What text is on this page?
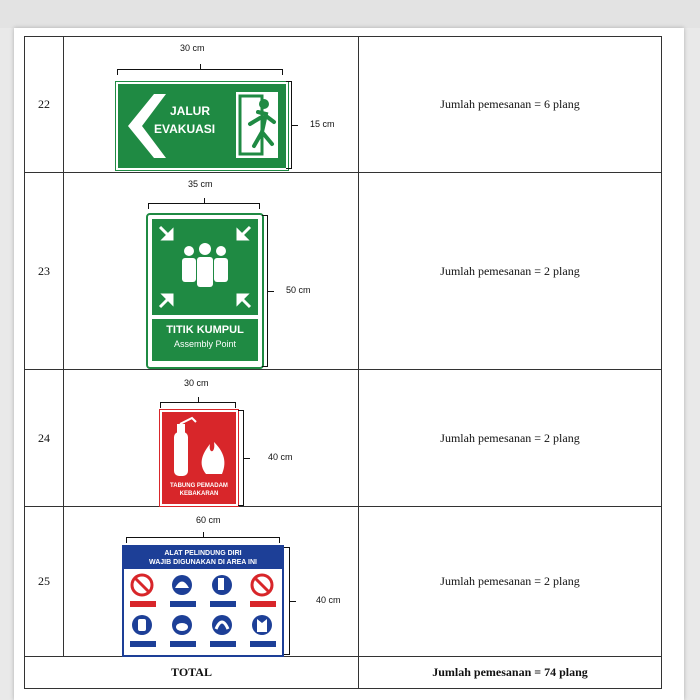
22	30 cm
JALUR
EVAKUASI 15 cm	Jumlah pemesanan = 6 plang
23	35 cm
TITIK KUMPUL
Assembly Point
50 cm	Jumlah pemesanan = 2 plang
24	30 cm
TABUNG PEMADAM
KEBAKARAN
40 cm	Jumlah pemesanan = 2 plang
25	60 cm
ALAT PELINDUNG DIRI
WAJIB DIGUNAKAN DI AREA INI
40 cm	Jumlah pemesanan = 2 plang
TOTAL		Jumlah pemesanan = 74 plang
